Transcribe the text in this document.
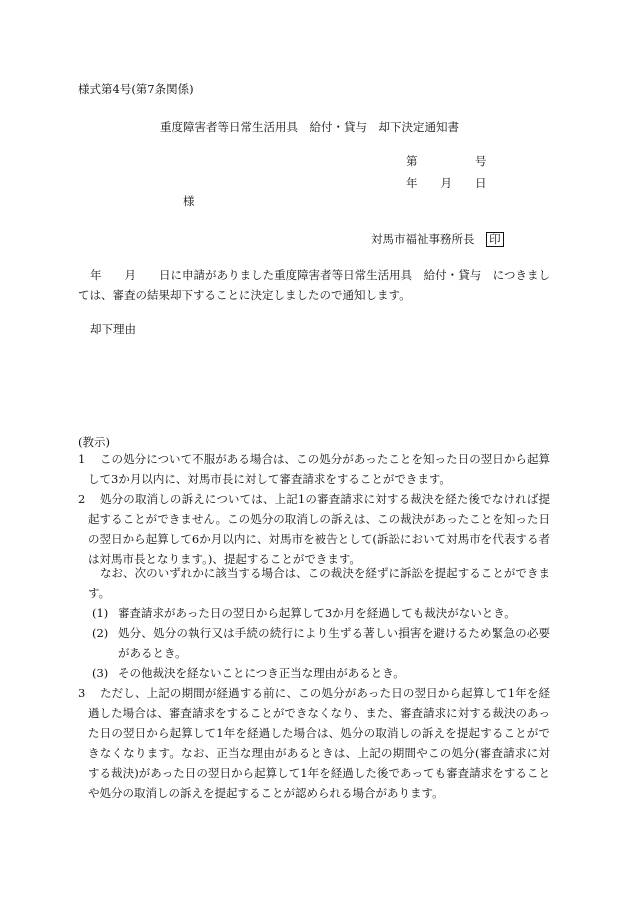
様式第4号(第7条関係)
重度障害者等日常生活用具　給付・貸与　却下決定通知書
第　　　　　号
年　　月　　日
様
対馬市福祉事務所長 印
年　　月　　日に申請がありました重度障害者等日常生活用具　給付・貸与　につきましては、審査の結果却下することに決定しましたので通知します。
却下理由
(教示)
1	この処分について不服がある場合は、この処分があったことを知った日の翌日から起算して3か月以内に、対馬市長に対して審査請求をすることができます。
2	処分の取消しの訴えについては、上記1の審査請求に対する裁決を経た後でなければ提起することができません。この処分の取消しの訴えは、この裁決があったことを知った日の翌日から起算して6か月以内に、対馬市を被告として(訴訟において対馬市を代表する者は対馬市長となります。)、提起することができます。
なお、次のいずれかに該当する場合は、この裁決を経ずに訴訟を提起することができます。
(1) 審査請求があった日の翌日から起算して3か月を経過しても裁決がないとき。
(2) 処分、処分の執行又は手続の続行により生ずる著しい損害を避けるため緊急の必要があるとき。
(3) その他裁決を経ないことにつき正当な理由があるとき。
3	ただし、上記の期間が経過する前に、この処分があった日の翌日から起算して1年を経過した場合は、審査請求をすることができなくなり、また、審査請求に対する裁決のあった日の翌日から起算して1年を経過した場合は、処分の取消しの訴えを提起することができなくなります。なお、正当な理由があるときは、上記の期間やこの処分(審査請求に対する裁決)があった日の翌日から起算して1年を経過した後であっても審査請求をすることや処分の取消しの訴えを提起することが認められる場合があります。
